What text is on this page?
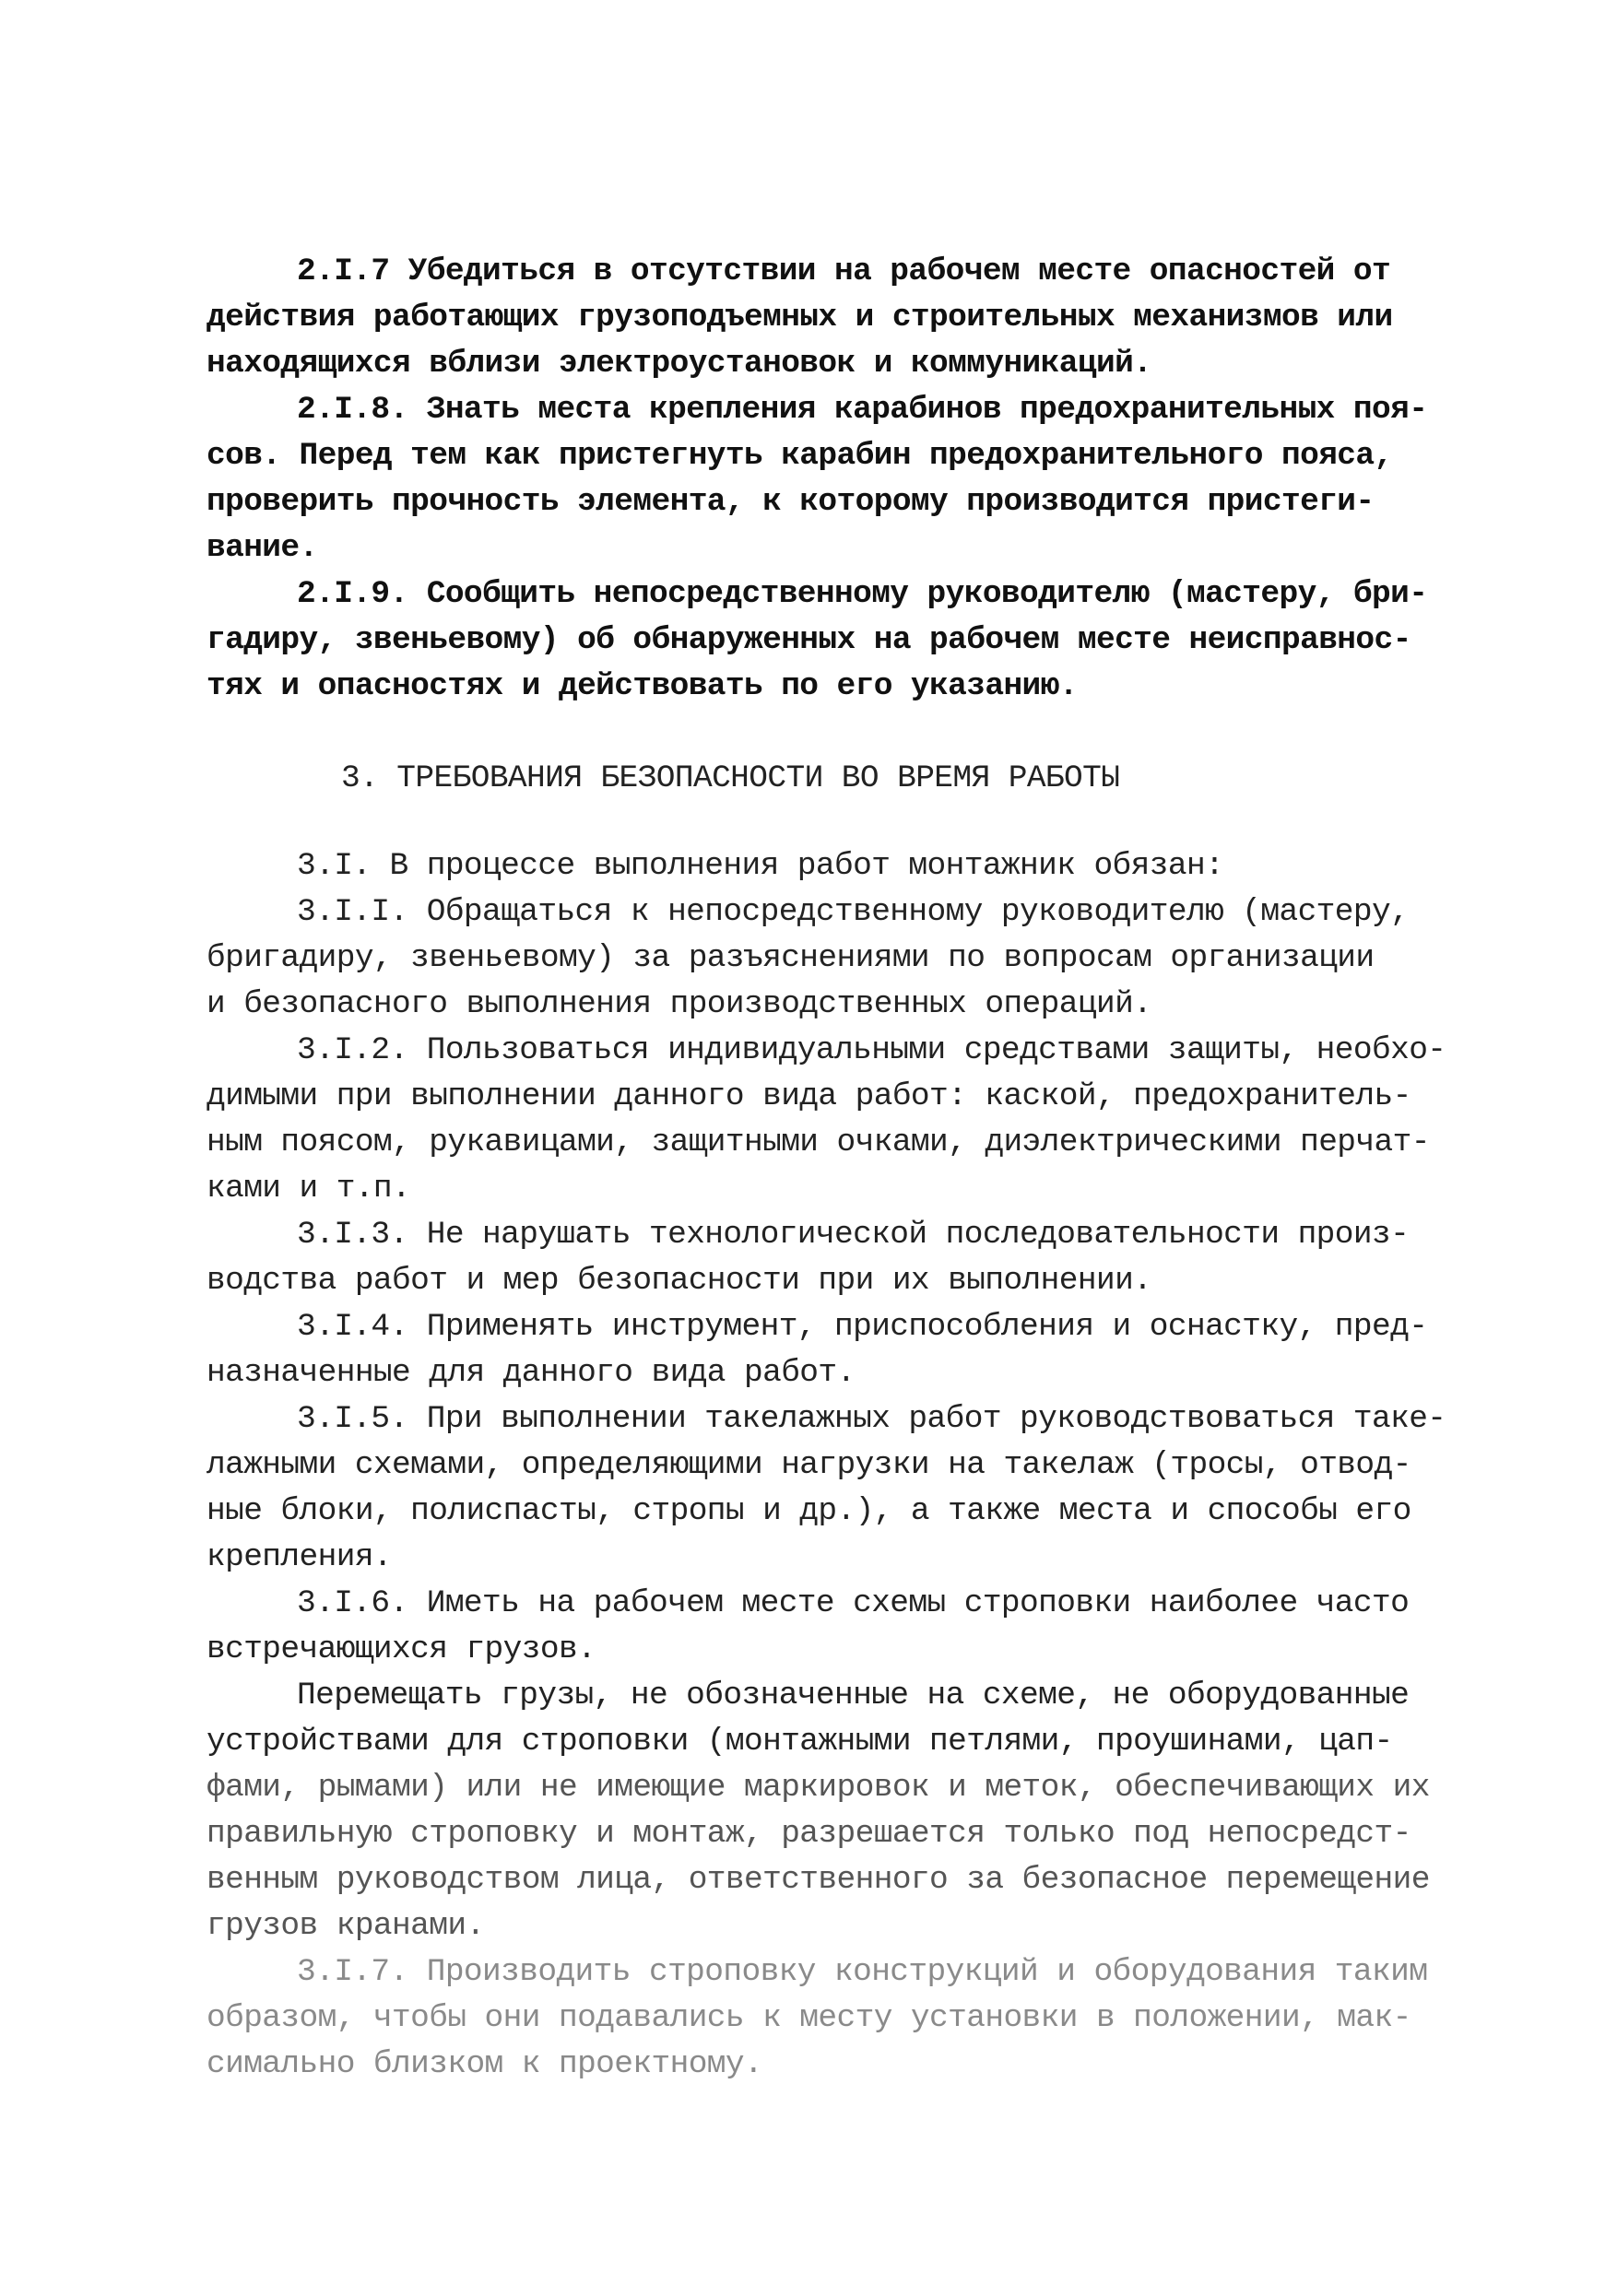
2.I.7 Убедиться в отсутствии на рабочем месте опасностей от
действия работающих грузоподъемных и строительных механизмов или
находящихся вблизи электроустановок и коммуникаций.
2.I.8. Знать места крепления карабинов предохранительных поя-
сов. Перед тем как пристегнуть карабин предохранительного пояса,
проверить прочность элемента, к которому производится пристеги-
вание.
2.I.9. Сообщить непосредственному руководителю (мастеру, бри-
гадиру, звеньевому) об обнаруженных на рабочем месте неисправнос-
тях и опасностях и действовать по его указанию.
3. ТРЕБОВАНИЯ БЕЗОПАСНОСТИ ВО ВРЕМЯ РАБОТЫ
3.I. В процессе выполнения работ монтажник обязан:
3.I.I. Обращаться к непосредственному руководителю (мастеру,
бригадиру, звеньевому) за разъяснениями по вопросам организации
и безопасного выполнения производственных операций.
3.I.2. Пользоваться индивидуальными средствами защиты, необхо-
димыми при выполнении данного вида работ: каской, предохранитель-
ным поясом, рукавицами, защитными очками, диэлектрическими перчат-
ками и т.п.
3.I.3. Не нарушать технологической последовательности произ-
водства работ и мер безопасности при их выполнении.
3.I.4. Применять инструмент, приспособления и оснастку, пред-
назначенные для данного вида работ.
3.I.5. При выполнении такелажных работ руководствоваться таке-
лажными схемами, определяющими нагрузки на такелаж (тросы, отвод-
ные блоки, полиспасты, стропы и др.), а также места и способы его
крепления.
3.I.6. Иметь на рабочем месте схемы строповки наиболее часто
встречающихся грузов.
Перемещать грузы, не обозначенные на схеме, не оборудованные
устройствами для строповки (монтажными петлями, проушинами, цап-
фами, рымами) или не имеющие маркировок и меток, обеспечивающих их
правильную строповку и монтаж, разрешается только под непосредст-
венным руководством лица, ответственного за безопасное перемещение
грузов кранами.
3.I.7. Производить строповку конструкций и оборудования таким
образом, чтобы они подавались к месту установки в положении, мак-
симально близком к проектному.
